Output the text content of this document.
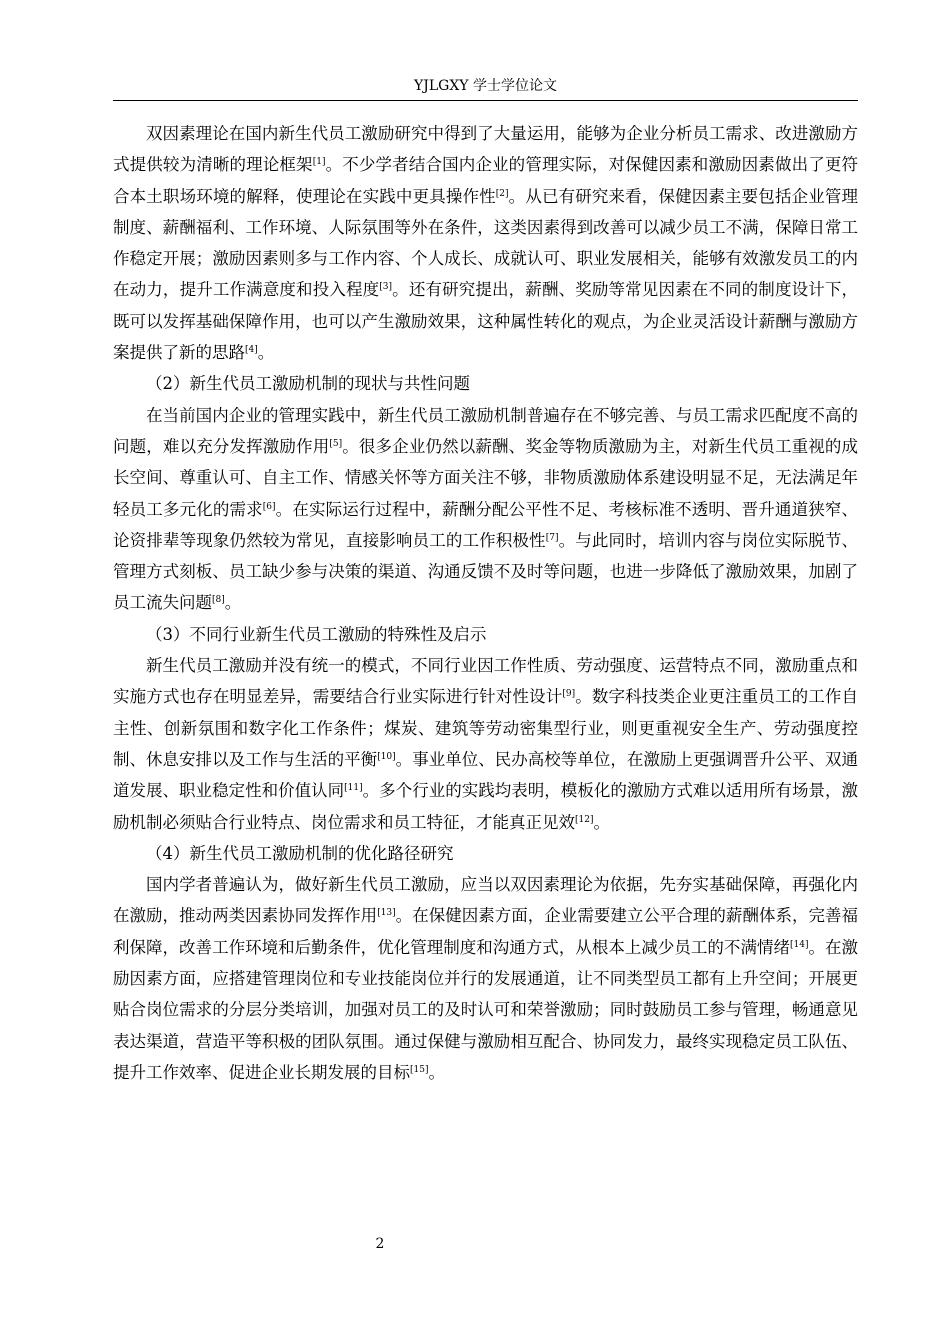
YJLGXY 学士学位论文

双因素理论在国内新生代员工激励研究中得到了大量运用，能够为企业分析员工需求、改进激励方式提供较为清晰的理论框架[1]。不少学者结合国内企业的管理实际，对保健因素和激励因素做出了更符合本土职场环境的解释，使理论在实践中更具操作性[2]。从已有研究来看，保健因素主要包括企业管理制度、薪酬福利、工作环境、人际氛围等外在条件，这类因素得到改善可以减少员工不满，保障日常工作稳定开展；激励因素则多与工作内容、个人成长、成就认可、职业发展相关，能够有效激发员工的内在动力，提升工作满意度和投入程度[3]。还有研究提出，薪酬、奖励等常见因素在不同的制度设计下，既可以发挥基础保障作用，也可以产生激励效果，这种属性转化的观点，为企业灵活设计薪酬与激励方案提供了新的思路[4]。

（2）新生代员工激励机制的现状与共性问题

在当前国内企业的管理实践中，新生代员工激励机制普遍存在不够完善、与员工需求匹配度不高的问题，难以充分发挥激励作用[5]。很多企业仍然以薪酬、奖金等物质激励为主，对新生代员工重视的成长空间、尊重认可、自主工作、情感关怀等方面关注不够，非物质激励体系建设明显不足，无法满足年轻员工多元化的需求[6]。在实际运行过程中，薪酬分配公平性不足、考核标准不透明、晋升通道狭窄、论资排辈等现象仍然较为常见，直接影响员工的工作积极性[7]。与此同时，培训内容与岗位实际脱节、管理方式刻板、员工缺少参与决策的渠道、沟通反馈不及时等问题，也进一步降低了激励效果，加剧了员工流失问题[8]。

（3）不同行业新生代员工激励的特殊性及启示

新生代员工激励并没有统一的模式，不同行业因工作性质、劳动强度、运营特点不同，激励重点和实施方式也存在明显差异，需要结合行业实际进行针对性设计[9]。数字科技类企业更注重员工的工作自主性、创新氛围和数字化工作条件；煤炭、建筑等劳动密集型行业，则更重视安全生产、劳动强度控制、休息安排以及工作与生活的平衡[10]。事业单位、民办高校等单位，在激励上更强调晋升公平、双通道发展、职业稳定性和价值认同[11]。多个行业的实践均表明，模板化的激励方式难以适用所有场景，激励机制必须贴合行业特点、岗位需求和员工特征，才能真正见效[12]。

（4）新生代员工激励机制的优化路径研究

国内学者普遍认为，做好新生代员工激励，应当以双因素理论为依据，先夯实基础保障，再强化内在激励，推动两类因素协同发挥作用[13]。在保健因素方面，企业需要建立公平合理的薪酬体系，完善福利保障，改善工作环境和后勤条件，优化管理制度和沟通方式，从根本上减少员工的不满情绪[14]。在激励因素方面，应搭建管理岗位和专业技能岗位并行的发展通道，让不同类型员工都有上升空间；开展更贴合岗位需求的分层分类培训，加强对员工的及时认可和荣誉激励；同时鼓励员工参与管理，畅通意见表达渠道，营造平等积极的团队氛围。通过保健与激励相互配合、协同发力，最终实现稳定员工队伍、提升工作效率、促进企业长期发展的目标[15]。

2
